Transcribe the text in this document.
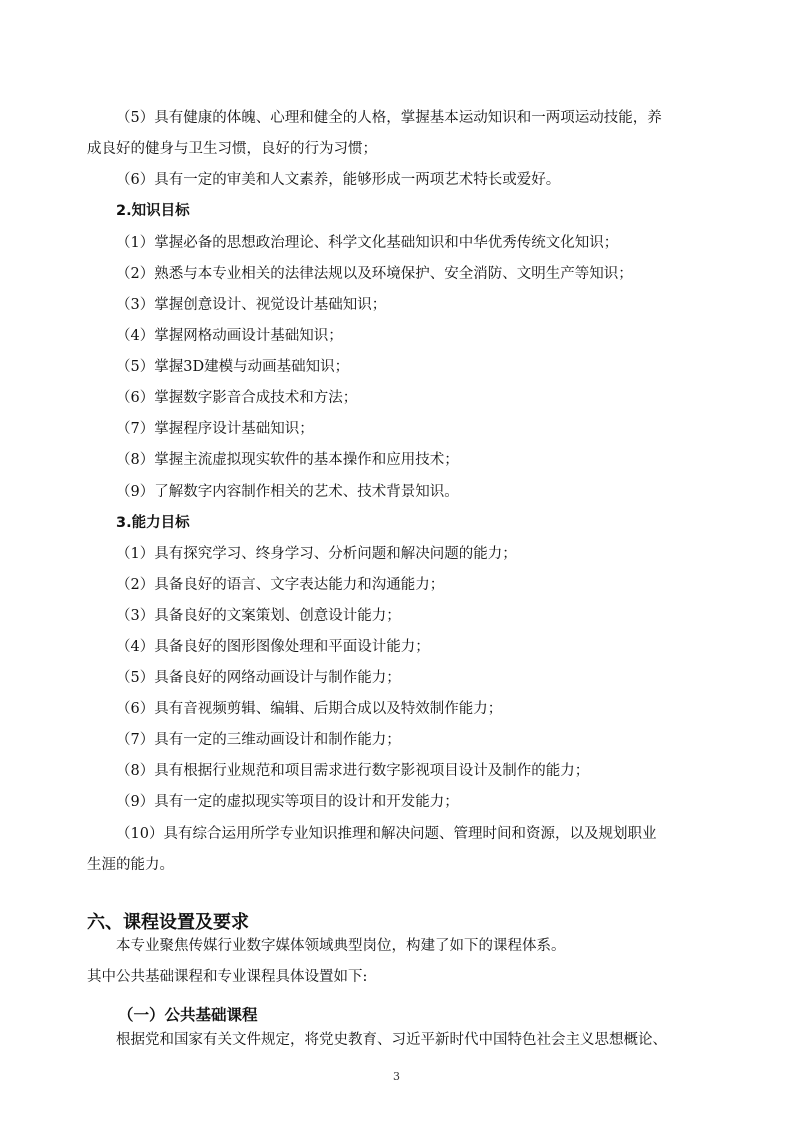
（5）具有健康的体魄、心理和健全的人格，掌握基本运动知识和一两项运动技能，养
成良好的健身与卫生习惯，良好的行为习惯；
（6）具有一定的审美和人文素养，能够形成一两项艺术特长或爱好。
2.知识目标
（1）掌握必备的思想政治理论、科学文化基础知识和中华优秀传统文化知识；
（2）熟悉与本专业相关的法律法规以及环境保护、安全消防、文明生产等知识；
（3）掌握创意设计、视觉设计基础知识；
（4）掌握网格动画设计基础知识；
（5）掌握3D建模与动画基础知识；
（6）掌握数字影音合成技术和方法；
（7）掌握程序设计基础知识；
（8）掌握主流虚拟现实软件的基本操作和应用技术；
（9）了解数字内容制作相关的艺术、技术背景知识。
3.能力目标
（1）具有探究学习、终身学习、分析问题和解决问题的能力；
（2）具备良好的语言、文字表达能力和沟通能力；
（3）具备良好的文案策划、创意设计能力；
（4）具备良好的图形图像处理和平面设计能力；
（5）具备良好的网络动画设计与制作能力；
（6）具有音视频剪辑、编辑、后期合成以及特效制作能力；
（7）具有一定的三维动画设计和制作能力；
（8）具有根据行业规范和项目需求进行数字影视项目设计及制作的能力；
（9）具有一定的虚拟现实等项目的设计和开发能力；
（10）具有综合运用所学专业知识推理和解决问题、管理时间和资源，以及规划职业
生涯的能力。
六、课程设置及要求
本专业聚焦传媒行业数字媒体领域典型岗位，构建了如下的课程体系。
其中公共基础课程和专业课程具体设置如下:
（一）公共基础课程
根据党和国家有关文件规定，将党史教育、习近平新时代中国特色社会主义思想概论、
3
